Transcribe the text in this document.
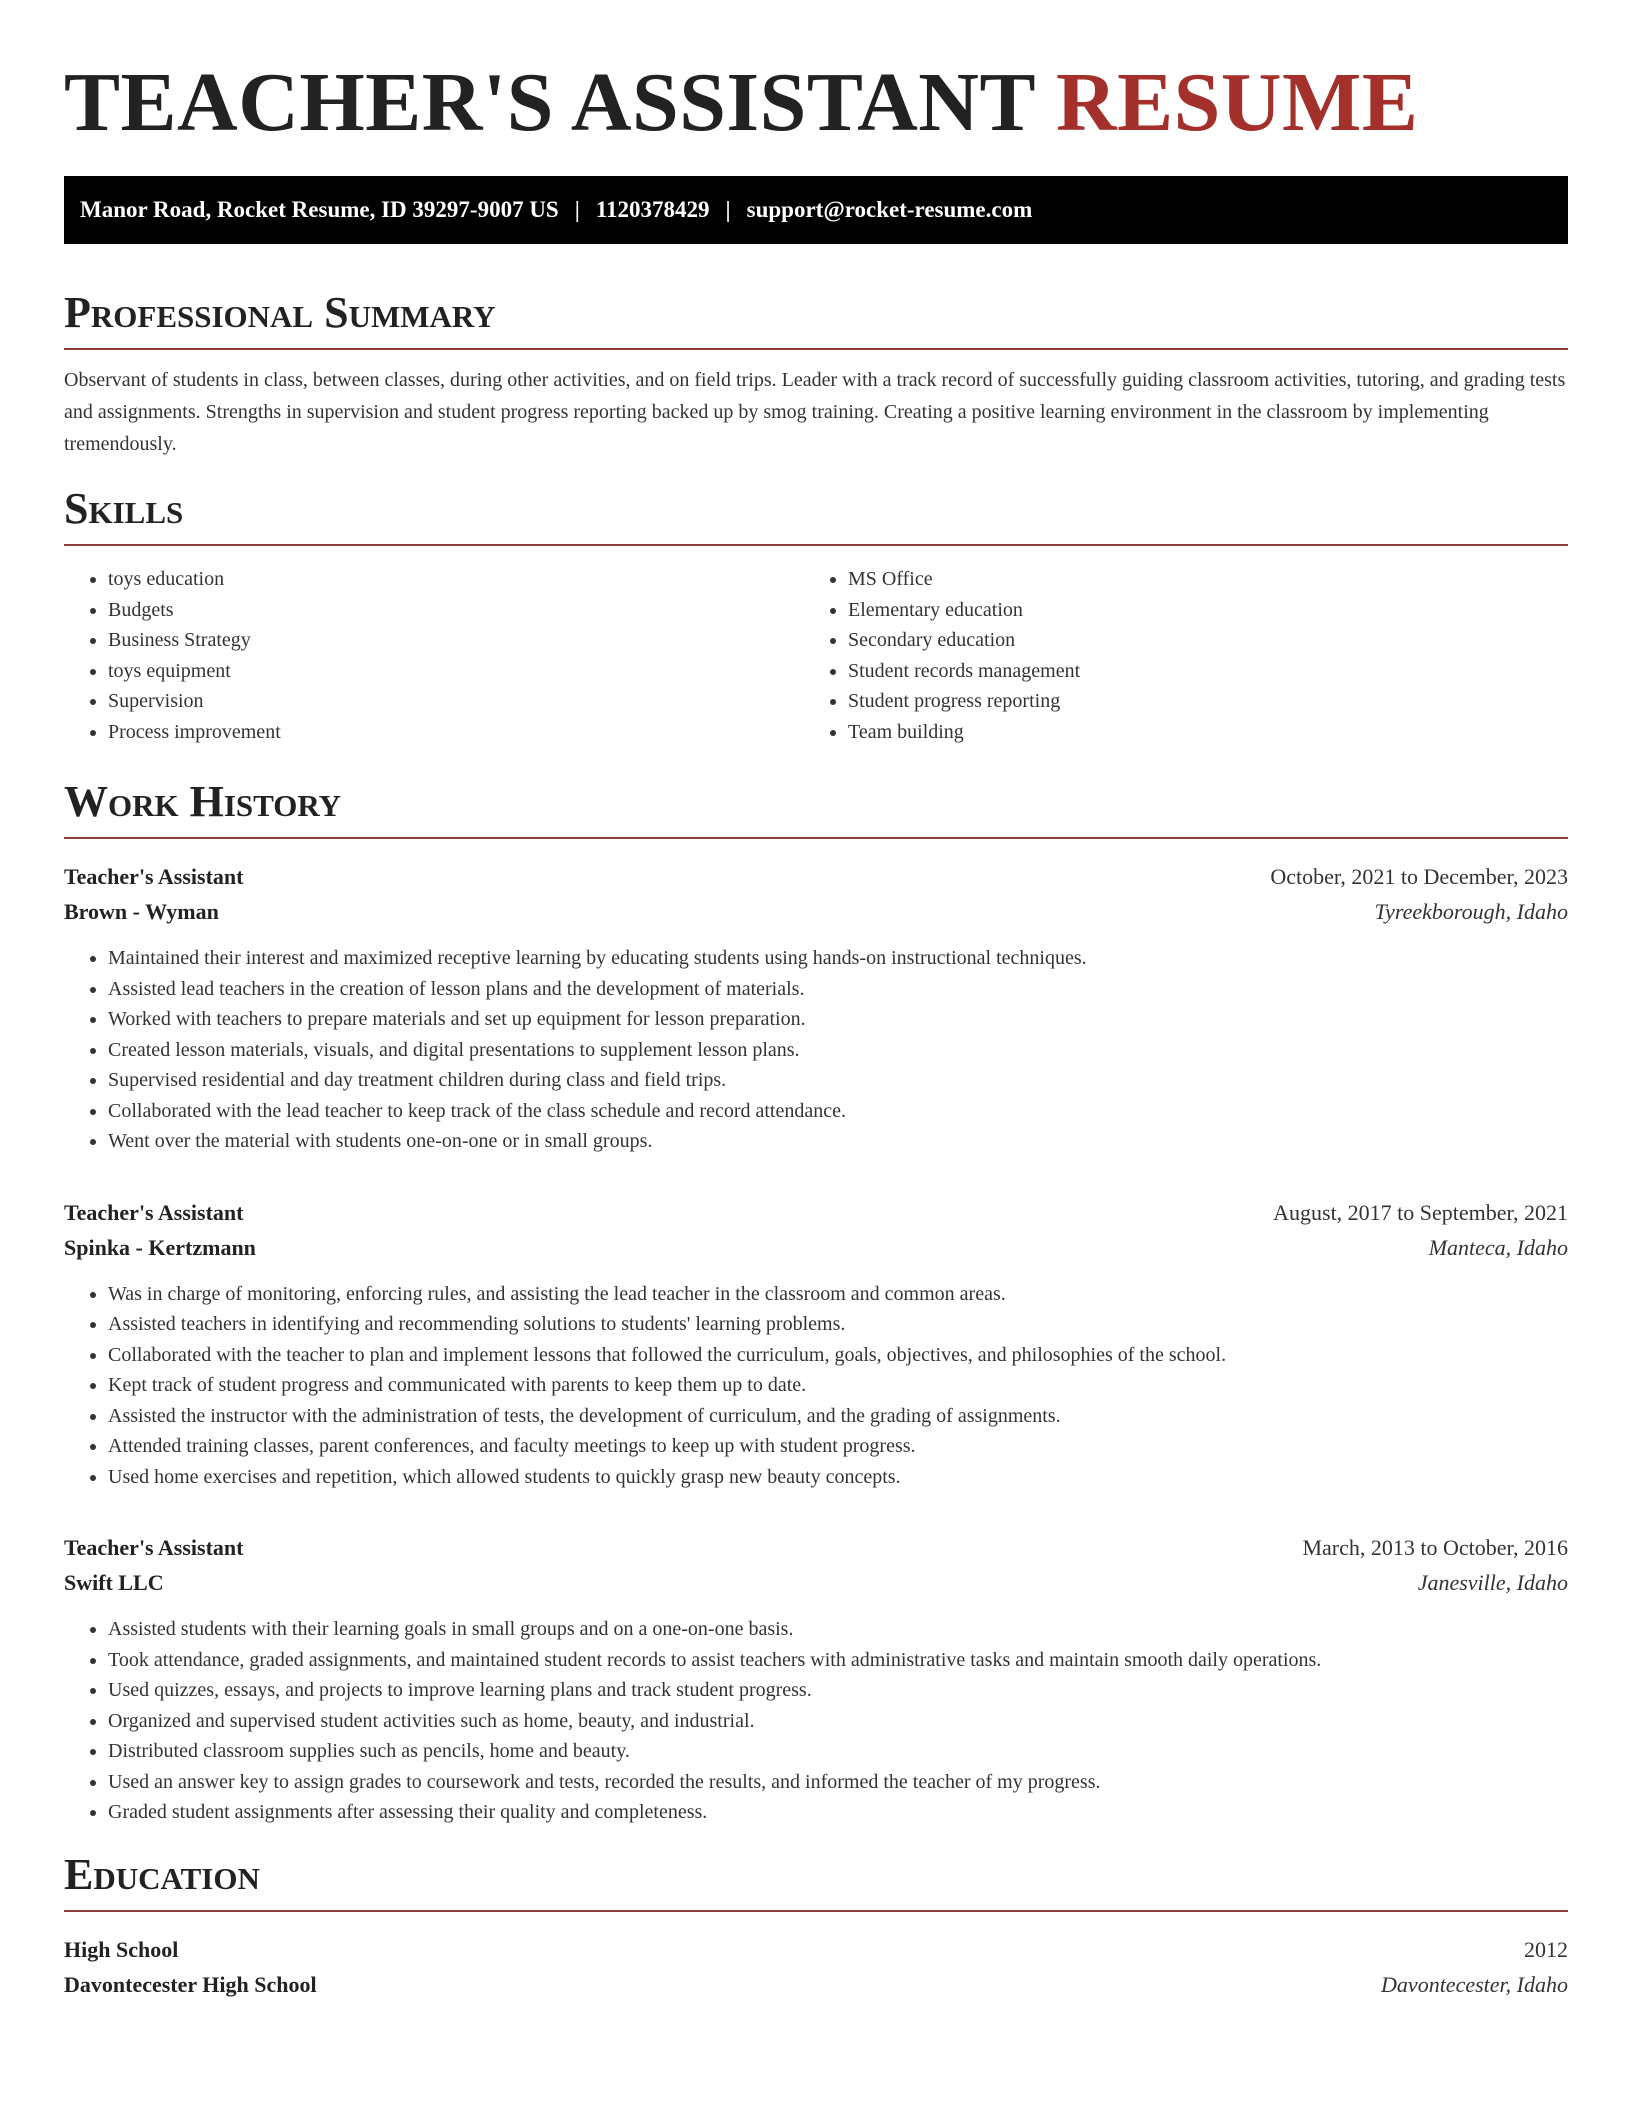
TEACHER'S ASSISTANT RESUME
Manor Road, Rocket Resume, ID 39297-9007 US | 1120378429 | support@rocket-resume.com
Professional Summary

Observant of students in class, between classes, during other activities, and on field trips. Leader with a track record of successfully guiding classroom activities, tutoring, and grading tests and assignments. Strengths in supervision and student progress reporting backed up by smog training. Creating a positive learning environment in the classroom by implementing tremendously.

Skills
• toys education
• Budgets
• Business Strategy
• toys equipment
• Supervision
• Process improvement
• MS Office
• Elementary education
• Secondary education
• Student records management
• Student progress reporting
• Team building
Work History
Teacher's Assistant	October, 2021 to December, 2023
Brown - Wyman	Tyreekborough, Idaho
• Maintained their interest and maximized receptive learning by educating students using hands-on instructional techniques.
• Assisted lead teachers in the creation of lesson plans and the development of materials.
• Worked with teachers to prepare materials and set up equipment for lesson preparation.
• Created lesson materials, visuals, and digital presentations to supplement lesson plans.
• Supervised residential and day treatment children during class and field trips.
• Collaborated with the lead teacher to keep track of the class schedule and record attendance.
• Went over the material with students one-on-one or in small groups.
Teacher's Assistant	August, 2017 to September, 2021
Spinka - Kertzmann	Manteca, Idaho
• Was in charge of monitoring, enforcing rules, and assisting the lead teacher in the classroom and common areas.
• Assisted teachers in identifying and recommending solutions to students' learning problems.
• Collaborated with the teacher to plan and implement lessons that followed the curriculum, goals, objectives, and philosophies of the school.
• Kept track of student progress and communicated with parents to keep them up to date.
• Assisted the instructor with the administration of tests, the development of curriculum, and the grading of assignments.
• Attended training classes, parent conferences, and faculty meetings to keep up with student progress.
• Used home exercises and repetition, which allowed students to quickly grasp new beauty concepts.
Teacher's Assistant	March, 2013 to October, 2016
Swift LLC	Janesville, Idaho
• Assisted students with their learning goals in small groups and on a one-on-one basis.
• Took attendance, graded assignments, and maintained student records to assist teachers with administrative tasks and maintain smooth daily operations.
• Used quizzes, essays, and projects to improve learning plans and track student progress.
• Organized and supervised student activities such as home, beauty, and industrial.
• Distributed classroom supplies such as pencils, home and beauty.
• Used an answer key to assign grades to coursework and tests, recorded the results, and informed the teacher of my progress.
• Graded student assignments after assessing their quality and completeness.
Education
High School	2012
Davontecester High School	Davontecester, Idaho
